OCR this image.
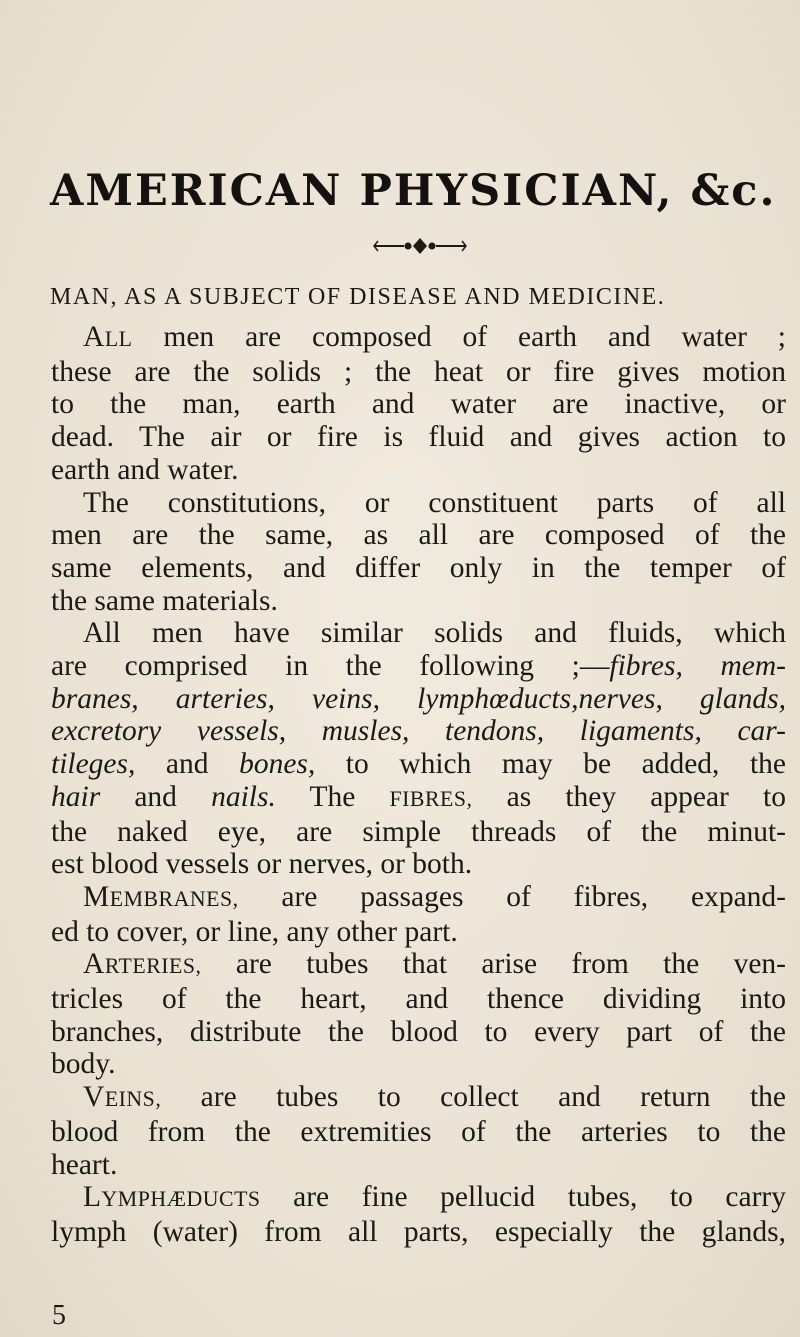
AMERICAN PHYSICIAN, &c.
MAN, AS A SUBJECT OF DISEASE AND MEDICINE.
ALL men are composed of earth and water ;
these are the solids ; the heat or fire gives motion
to the man, earth and water are inactive, or
dead. The air or fire is fluid and gives action to
earth and water.
The constitutions, or constituent parts of all
men are the same, as all are composed of the
same elements, and differ only in the temper of
the same materials.
All men have similar solids and fluids, which
are comprised in the following ;—fibres, mem-
branes, arteries, veins, lymphœducts,nerves, glands,
excretory vessels, musles, tendons, ligaments, car-
tileges, and bones, to which may be added, the
hair and nails. The FIBRES, as they appear to
the naked eye, are simple threads of the minut-
est blood vessels or nerves, or both.
MEMBRANES, are passages of fibres, expand-
ed to cover, or line, any other part.
ARTERIES, are tubes that arise from the ven-
tricles of the heart, and thence dividing into
branches, distribute the blood to every part of the
body.
VEINS, are tubes to collect and return the
blood from the extremities of the arteries to the
heart.
LYMPHÆDUCTS are fine pellucid tubes, to carry
lymph (water) from all parts, especially the glands,
5
